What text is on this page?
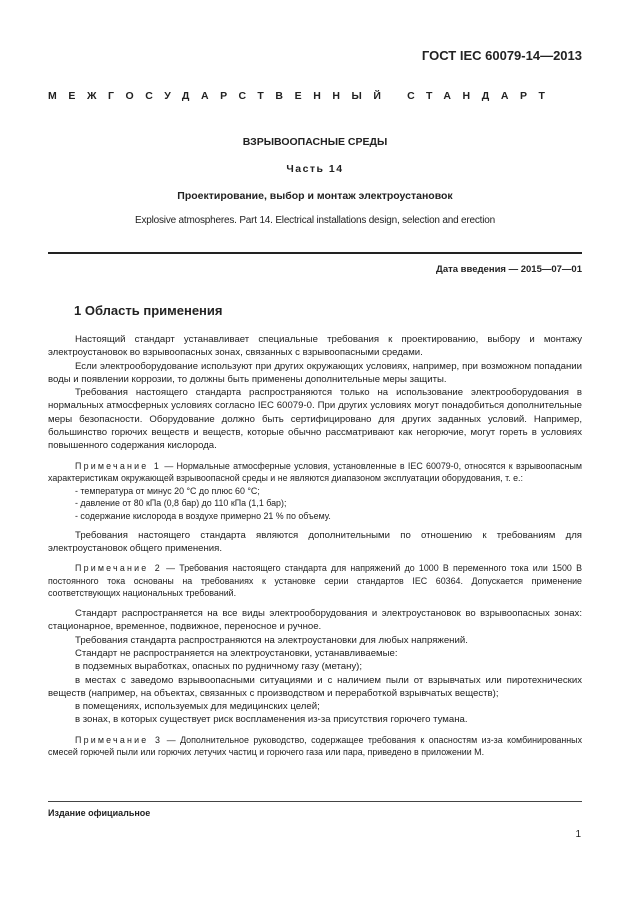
ГОСТ IEC 60079-14—2013
МЕЖГОСУДАРСТВЕННЫЙ СТАНДАРТ
ВЗРЫВООПАСНЫЕ СРЕДЫ
Часть 14
Проектирование, выбор и монтаж электроустановок
Explosive atmospheres. Part 14. Electrical installations design, selection and erection
Дата введения — 2015—07—01
1 Область применения

Настоящий стандарт устанавливает специальные требования к проектированию, выбору и монтажу электроустановок во взрывоопасных зонах, связанных с взрывоопасными средами.

Если электрооборудование используют при других окружающих условиях, например, при возможном попадании воды и появлении коррозии, то должны быть применены дополнительные меры защиты.

Требования настоящего стандарта распространяются только на использование электрооборудования в нормальных атмосферных условиях согласно IEC 60079-0. При других условиях могут понадобиться дополнительные меры безопасности. Оборудование должно быть сертифицировано для других заданных условий. Например, большинство горючих веществ и веществ, которые обычно рассматривают как негорючие, могут гореть в условиях повышенного содержания кислорода.

Примечание 1 — Нормальные атмосферные условия, установленные в IEC 60079-0, относятся к взрывоопасным характеристикам окружающей взрывоопасной среды и не являются диапазоном эксплуатации оборудования, т. е.:

- температура от минус 20 °С до плюс 60 °С;

- давление от 80 кПа (0,8 бар) до 110 кПа (1,1 бар);

- содержание кислорода в воздухе примерно 21 % по объему.

Требования настоящего стандарта являются дополнительными по отношению к требованиям для электроустановок общего применения.

Примечание 2 — Требования настоящего стандарта для напряжений до 1000 В переменного тока или 1500 В постоянного тока основаны на требованиях к установке серии стандартов IEC 60364. Допускается применение соответствующих национальных требований.

Стандарт распространяется на все виды электрооборудования и электроустановок во взрывоопасных зонах: стационарное, временное, подвижное, переносное и ручное.

Требования стандарта распространяются на электроустановки для любых напряжений.

Стандарт не распространяется на электроустановки, устанавливаемые:

в подземных выработках, опасных по рудничному газу (метану);

в местах с заведомо взрывоопасными ситуациями и с наличием пыли от взрывчатых или пиротехнических веществ (например, на объектах, связанных с производством и переработкой взрывчатых веществ);

в помещениях, используемых для медицинских целей;

в зонах, в которых существует риск воспламенения из-за присутствия горючего тумана.

Примечание 3 — Дополнительное руководство, содержащее требования к опасностям из-за комбинированных смесей горючей пыли или горючих летучих частиц и горючего газа или пара, приведено в приложении М.

Издание официальное
1
